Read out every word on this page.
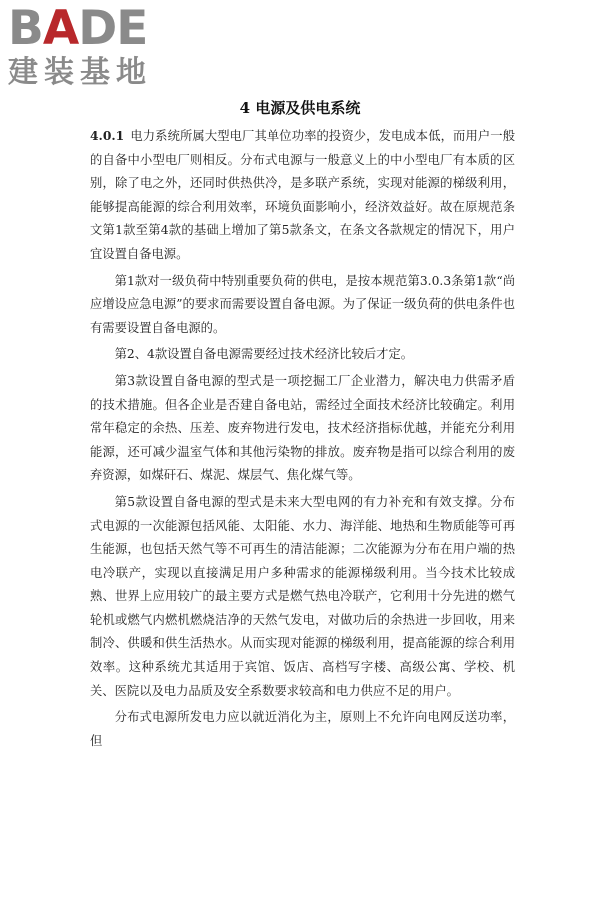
BADE
建装基地
4 电源及供电系统

4.0.1 电力系统所属大型电厂其单位功率的投资少，发电成本低，而用户一般的自备中小型电厂则相反。分布式电源与一般意义上的中小型电厂有本质的区别，除了电之外，还同时供热供冷，是多联产系统，实现对能源的梯级利用，能够提高能源的综合利用效率，环境负面影响小，经济效益好。故在原规范条文第1款至第4款的基础上增加了第5款条文，在条文各款规定的情况下，用户宜设置自备电源。

第1款对一级负荷中特别重要负荷的供电，是按本规范第3.0.3条第1款“尚应增设应急电源”的要求而需要设置自备电源。为了保证一级负荷的供电条件也有需要设置自备电源的。

第2、4款设置自备电源需要经过技术经济比较后才定。

第3款设置自备电源的型式是一项挖掘工厂企业潜力，解决电力供需矛盾的技术措施。但各企业是否建自备电站，需经过全面技术经济比较确定。利用常年稳定的余热、压差、废弃物进行发电，技术经济指标优越，并能充分利用能源，还可减少温室气体和其他污染物的排放。废弃物是指可以综合利用的废弃资源，如煤矸石、煤泥、煤层气、焦化煤气等。

第5款设置自备电源的型式是未来大型电网的有力补充和有效支撑。分布式电源的一次能源包括风能、太阳能、水力、海洋能、地热和生物质能等可再生能源，也包括天然气等不可再生的清洁能源；二次能源为分布在用户端的热电冷联产，实现以直接满足用户多种需求的能源梯级利用。当今技术比较成熟、世界上应用较广的最主要方式是燃气热电冷联产，它利用十分先进的燃气轮机或燃气内燃机燃烧洁净的天然气发电，对做功后的余热进一步回收，用来制冷、供暖和供生活热水。从而实现对能源的梯级利用，提高能源的综合利用效率。这种系统尤其适用于宾馆、饭店、高档写字楼、高级公寓、学校、机关、医院以及电力品质及安全系数要求较高和电力供应不足的用户。

分布式电源所发电力应以就近消化为主，原则上不允许向电网反送功率，但
